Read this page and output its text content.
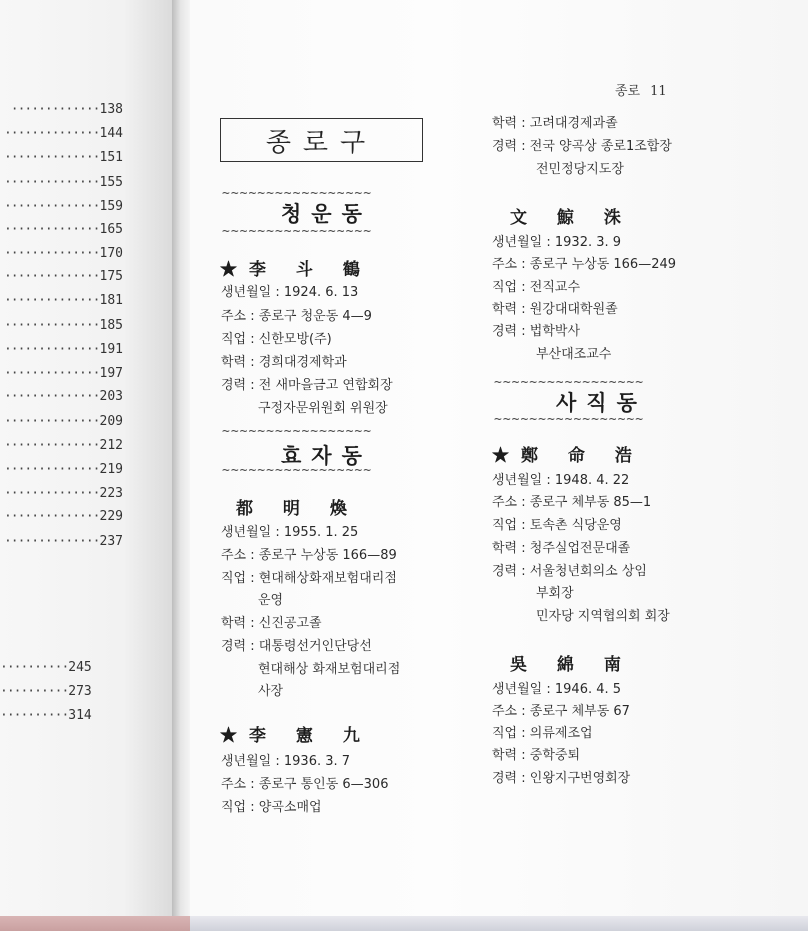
·············138
··············144
··············151
··············155
··············159
··············165
··············170
··············175
··············181
··············185
··············191
··············197
··············203
··············209
··············212
··············219
··············223
··············229
··············237
··········245
··········273
··········314
종로 11
종로구
~~~~~~~~~~~~~~~~~
청운동
~~~~~~~~~~~~~~~~~
★李 斗 鶴
생년월일 : 1924. 6. 13
주소 : 종로구 청운동 4—9
직업 : 신한모방(주)
학력 : 경희대경제학과
경력 : 전 새마을금고 연합회장
구정자문위원회 위원장
~~~~~~~~~~~~~~~~~
효자동
~~~~~~~~~~~~~~~~~
都 明 煥
생년월일 : 1955. 1. 25
주소 : 종로구 누상동 166—89
직업 : 현대해상화재보험대리점
운영
학력 : 신진공고졸
경력 : 대통령선거인단당선
현대해상 화재보험대리점
사장
★李 憲 九
생년월일 : 1936. 3. 7
주소 : 종로구 통인동 6—306
직업 : 양곡소매업
학력 : 고려대경제과졸
경력 : 전국 양곡상 종로1조합장
전민정당지도장
文 鯨 洙
생년월일 : 1932. 3. 9
주소 : 종로구 누상동 166—249
직업 : 전직교수
학력 : 원강대대학원졸
경력 : 법학박사
부산대조교수
~~~~~~~~~~~~~~~~~
사직동
~~~~~~~~~~~~~~~~~
★鄭 命 浩
생년월일 : 1948. 4. 22
주소 : 종로구 체부동 85—1
직업 : 토속촌 식당운영
학력 : 청주실업전문대졸
경력 : 서울청년회의소 상임
부회장
민자당 지역협의회 회장
吳 綿 南
생년월일 : 1946. 4. 5
주소 : 종로구 체부동 67
직업 : 의류제조업
학력 : 중학중퇴
경력 : 인왕지구번영회장
